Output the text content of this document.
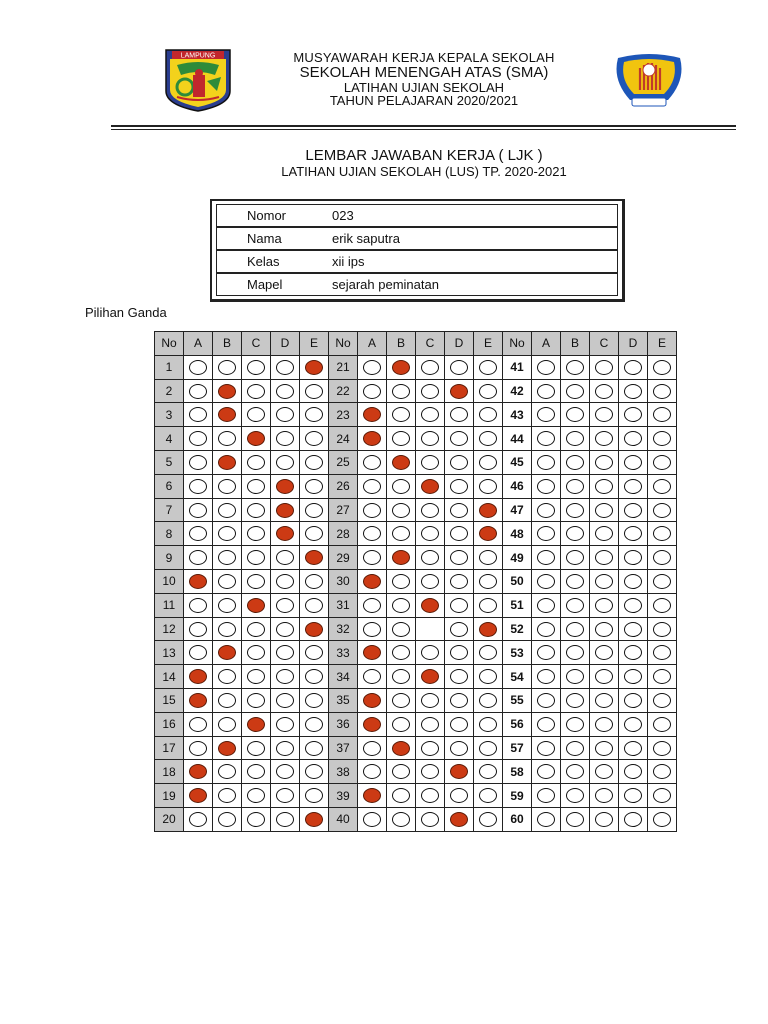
LAMPUNG	MUSYAWARAH KERJA KEPALA SEKOLAH
SEKOLAH MENENGAH ATAS (SMA)
LATIHAN UJIAN SEKOLAH
TAHUN PELAJARAN 2020/2021
LEMBAR JAWABAN KERJA ( LJK )
LATIHAN UJIAN SEKOLAH (LUS) TP. 2020-2021
Nomor	023
Nama	erik saputra
Kelas	xii ips
Mapel	sejarah peminatan
Pilihan Ganda
No	A	B	C	D	E	No	A	B	C	D	E	No	A	B	C	D	E
1						21						41					
2						22						42					
3						23						43					
4						24						44					
5						25						45					
6						26						46					
7						27						47					
8						28						48					
9						29						49					
10						30						50					
11						31						51					
12						32						52					
13						33						53					
14						34						54					
15						35						55					
16						36						56					
17						37						57					
18						38						58					
19						39						59					
20						40						60					
